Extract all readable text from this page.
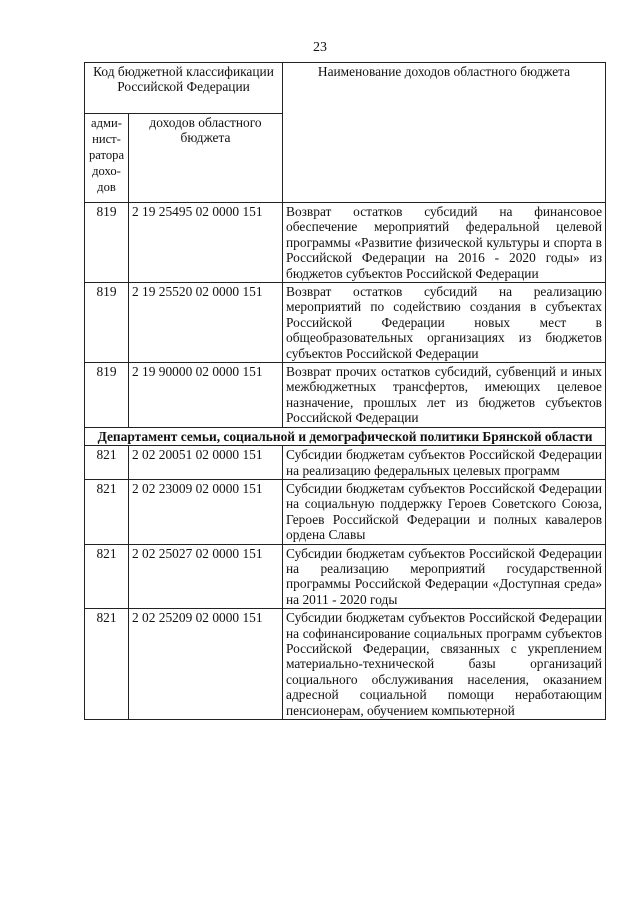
23
Код бюджетной классификации Российской Федерации		Наименование доходов областного бюджета
адми-нист-ратора дохо-дов	доходов областного бюджета	
819	2 19 25495 02 0000 151	Возврат остатков субсидий на финансовое обеспечение мероприятий федеральной целевой программы «Развитие физической культуры и спорта в Российской Федерации на 2016 - 2020 годы» из бюджетов субъектов Российской Федерации
819	2 19 25520 02 0000 151	Возврат остатков субсидий на реализацию мероприятий по содействию создания в субъектах Российской Федерации новых мест в общеобразовательных организациях из бюджетов субъектов Российской Федерации
819	2 19 90000 02 0000 151	Возврат прочих остатков субсидий, субвенций и иных межбюджетных трансфертов, имеющих целевое назначение, прошлых лет из бюджетов субъектов Российской Федерации
Департамент семьи, социальной и демографической политики Брянской области		
821	2 02 20051 02 0000 151	Субсидии бюджетам субъектов Российской Федерации на реализацию федеральных целевых программ
821	2 02 23009 02 0000 151	Субсидии бюджетам субъектов Российской Федерации на социальную поддержку Героев Советского Союза, Героев Российской Федерации и полных кавалеров ордена Славы
821	2 02 25027 02 0000 151	Субсидии бюджетам субъектов Российской Федерации на реализацию мероприятий государственной программы Российской Федерации «Доступная среда» на 2011 - 2020 годы
821	2 02 25209 02 0000 151	Субсидии бюджетам субъектов Российской Федерации на софинансирование социальных программ субъектов Российской Федерации, связанных с укреплением материально-технической базы организаций социального обслуживания населения, оказанием адресной социальной помощи неработающим пенсионерам, обучением компьютерной
